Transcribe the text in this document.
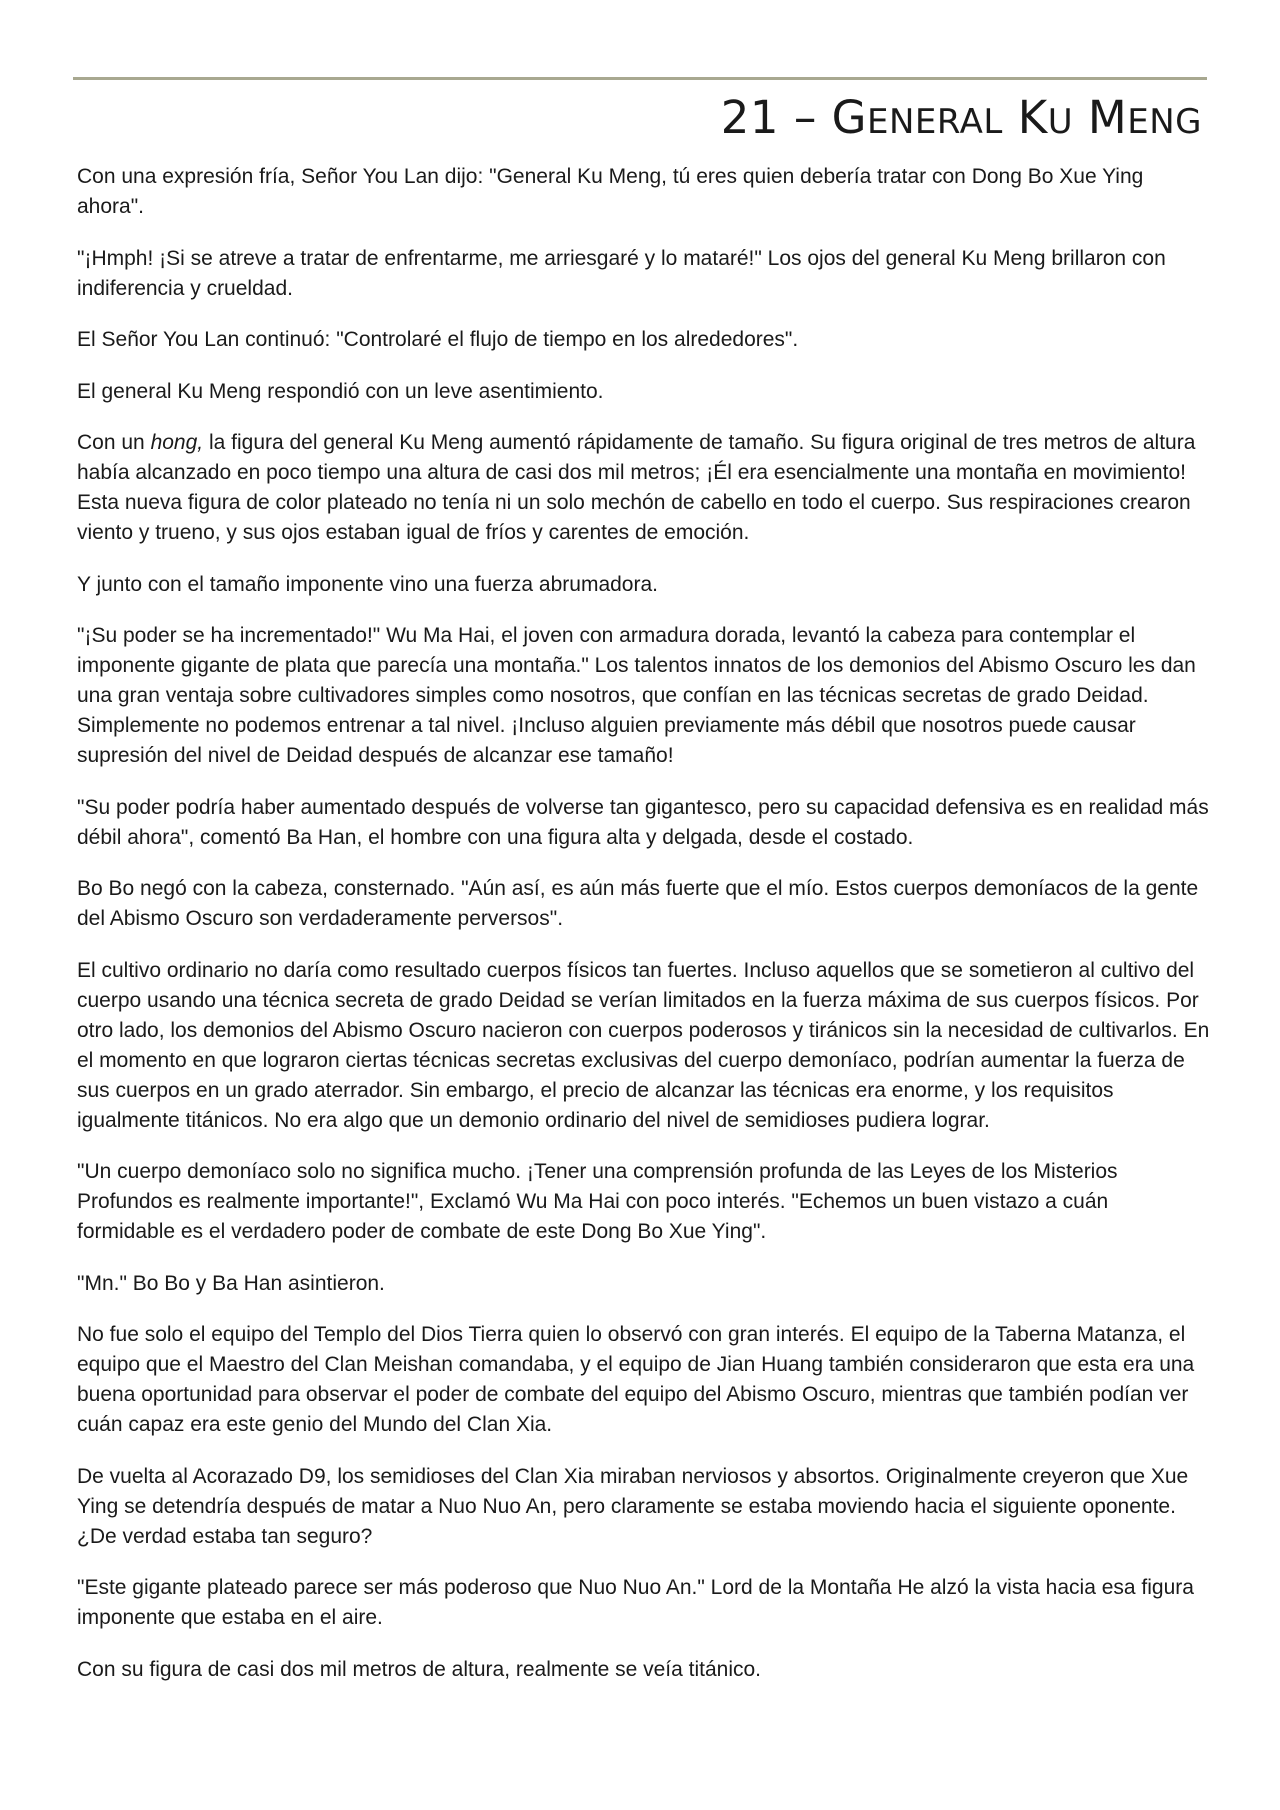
21 – GENERAL KU MENG

Con una expresión fría, Señor You Lan dijo: "General Ku Meng, tú eres quien debería tratar con Dong Bo Xue Ying ahora".

"¡Hmph! ¡Si se atreve a tratar de enfrentarme, me arriesgaré y lo mataré!" Los ojos del general Ku Meng brillaron con indiferencia y crueldad.

El Señor You Lan continuó: "Controlaré el flujo de tiempo en los alrededores".

El general Ku Meng respondió con un leve asentimiento.

Con un hong, la figura del general Ku Meng aumentó rápidamente de tamaño. Su figura original de tres metros de altura había alcanzado en poco tiempo una altura de casi dos mil metros; ¡Él era esencialmente una montaña en movimiento! Esta nueva figura de color plateado no tenía ni un solo mechón de cabello en todo el cuerpo. Sus respiraciones crearon viento y trueno, y sus ojos estaban igual de fríos y carentes de emoción.

Y junto con el tamaño imponente vino una fuerza abrumadora.

"¡Su poder se ha incrementado!" Wu Ma Hai, el joven con armadura dorada, levantó la cabeza para contemplar el imponente gigante de plata que parecía una montaña." Los talentos innatos de los demonios del Abismo Oscuro les dan una gran ventaja sobre cultivadores simples como nosotros, que confían en las técnicas secretas de grado Deidad. Simplemente no podemos entrenar a tal nivel. ¡Incluso alguien previamente más débil que nosotros puede causar supresión del nivel de Deidad después de alcanzar ese tamaño!

"Su poder podría haber aumentado después de volverse tan gigantesco, pero su capacidad defensiva es en realidad más débil ahora", comentó Ba Han, el hombre con una figura alta y delgada, desde el costado.

Bo Bo negó con la cabeza, consternado. "Aún así, es aún más fuerte que el mío. Estos cuerpos demoníacos de la gente del Abismo Oscuro son verdaderamente perversos".

El cultivo ordinario no daría como resultado cuerpos físicos tan fuertes. Incluso aquellos que se sometieron al cultivo del cuerpo usando una técnica secreta de grado Deidad se verían limitados en la fuerza máxima de sus cuerpos físicos. Por otro lado, los demonios del Abismo Oscuro nacieron con cuerpos poderosos y tiránicos sin la necesidad de cultivarlos. En el momento en que lograron ciertas técnicas secretas exclusivas del cuerpo demoníaco, podrían aumentar la fuerza de sus cuerpos en un grado aterrador. Sin embargo, el precio de alcanzar las técnicas era enorme, y los requisitos igualmente titánicos. No era algo que un demonio ordinario del nivel de semidioses pudiera lograr.

"Un cuerpo demoníaco solo no significa mucho. ¡Tener una comprensión profunda de las Leyes de los Misterios Profundos es realmente importante!", Exclamó Wu Ma Hai con poco interés. "Echemos un buen vistazo a cuán formidable es el verdadero poder de combate de este Dong Bo Xue Ying".

"Mn." Bo Bo y Ba Han asintieron.

No fue solo el equipo del Templo del Dios Tierra quien lo observó con gran interés. El equipo de la Taberna Matanza, el equipo que el Maestro del Clan Meishan comandaba, y el equipo de Jian Huang también consideraron que esta era una buena oportunidad para observar el poder de combate del equipo del Abismo Oscuro, mientras que también podían ver cuán capaz era este genio del Mundo del Clan Xia.

De vuelta al Acorazado D9, los semidioses del Clan Xia miraban nerviosos y absortos. Originalmente creyeron que Xue Ying se detendría después de matar a Nuo Nuo An, pero claramente se estaba moviendo hacia el siguiente oponente. ¿De verdad estaba tan seguro?

"Este gigante plateado parece ser más poderoso que Nuo Nuo An." Lord de la Montaña He alzó la vista hacia esa figura imponente que estaba en el aire.

Con su figura de casi dos mil metros de altura, realmente se veía titánico.
